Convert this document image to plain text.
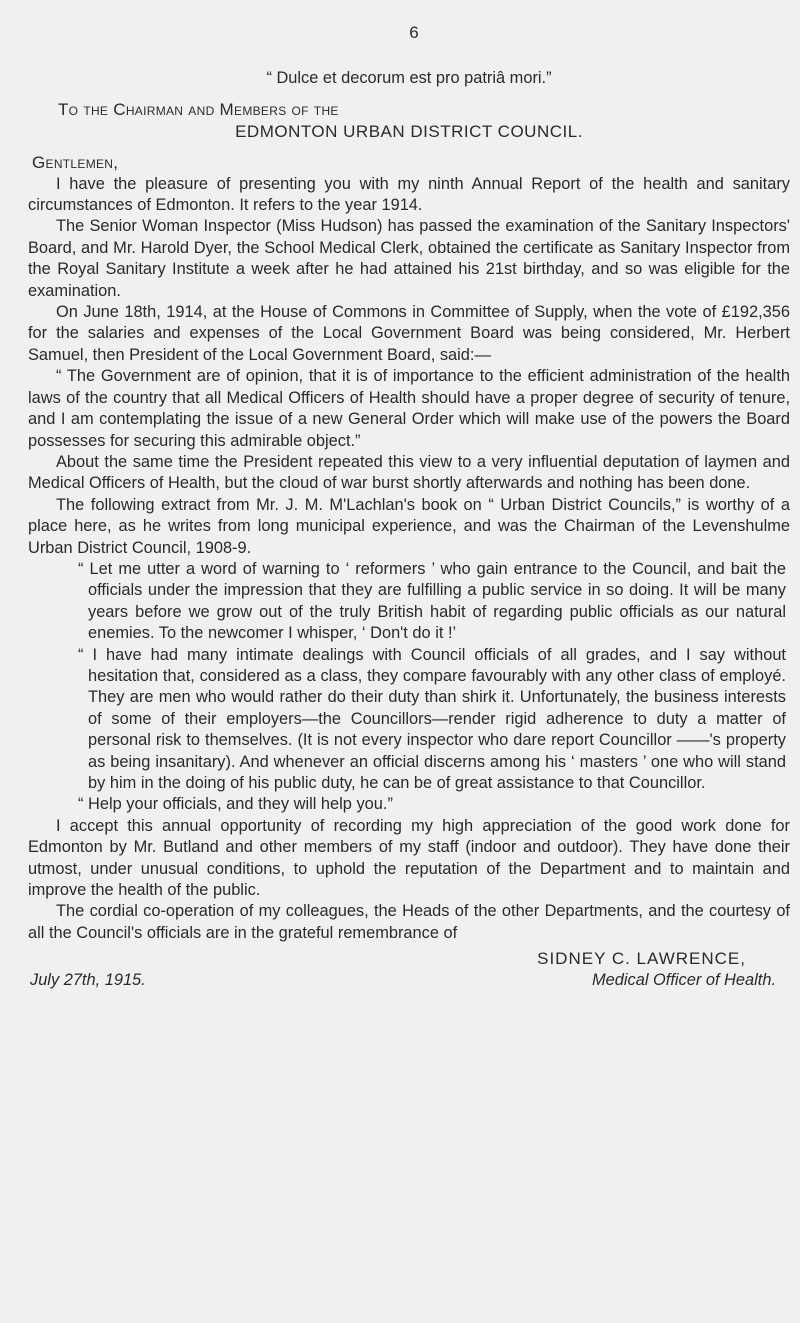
6
“ Dulce et decorum est pro patriâ mori.”
To the Chairman and Members of the
EDMONTON URBAN DISTRICT COUNCIL.
Gentlemen,

I have the pleasure of presenting you with my ninth Annual Report of the health and sanitary circumstances of Edmonton. It refers to the year 1914.

The Senior Woman Inspector (Miss Hudson) has passed the examination of the Sanitary Inspectors' Board, and Mr. Harold Dyer, the School Medical Clerk, obtained the certificate as Sanitary Inspector from the Royal Sanitary Institute a week after he had attained his 21st birthday, and so was eligible for the examination.

On June 18th, 1914, at the House of Commons in Committee of Supply, when the vote of £192,356 for the salaries and expenses of the Local Government Board was being considered, Mr. Herbert Samuel, then President of the Local Government Board, said:—

“ The Government are of opinion, that it is of importance to the efficient administration of the health laws of the country that all Medical Officers of Health should have a proper degree of security of tenure, and I am contemplating the issue of a new General Order which will make use of the powers the Board possesses for securing this admirable object.”

About the same time the President repeated this view to a very influential deputation of laymen and Medical Officers of Health, but the cloud of war burst shortly afterwards and nothing has been done.

The following extract from Mr. J. M. M'Lachlan's book on “ Urban District Councils,” is worthy of a place here, as he writes from long municipal experience, and was the Chairman of the Levenshulme Urban District Council, 1908-9.

“ Let me utter a word of warning to ‘ reformers ’ who gain entrance to the Council, and bait the officials under the impression that they are fulfilling a public service in so doing. It will be many years before we grow out of the truly British habit of regarding public officials as our natural enemies. To the newcomer I whisper, ‘ Don't do it !’

“ I have had many intimate dealings with Council officials of all grades, and I say without hesitation that, considered as a class, they compare favourably with any other class of employé. They are men who would rather do their duty than shirk it. Unfortunately, the business interests of some of their employers—the Councillors—render rigid adherence to duty a matter of personal risk to themselves. (It is not every inspector who dare report Councillor ——'s property as being insanitary). And whenever an official discerns among his ‘ masters ’ one who will stand by him in the doing of his public duty, he can be of great assistance to that Councillor.

“ Help your officials, and they will help you.”

I accept this annual opportunity of recording my high appreciation of the good work done for Edmonton by Mr. Butland and other members of my staff (indoor and outdoor). They have done their utmost, under unusual conditions, to uphold the reputation of the Department and to maintain and improve the health of the public.

The cordial co-operation of my colleagues, the Heads of the other Departments, and the courtesy of all the Council's officials are in the grateful remembrance of

SIDNEY C. LAWRENCE,
July 27th, 1915.	Medical Officer of Health.
